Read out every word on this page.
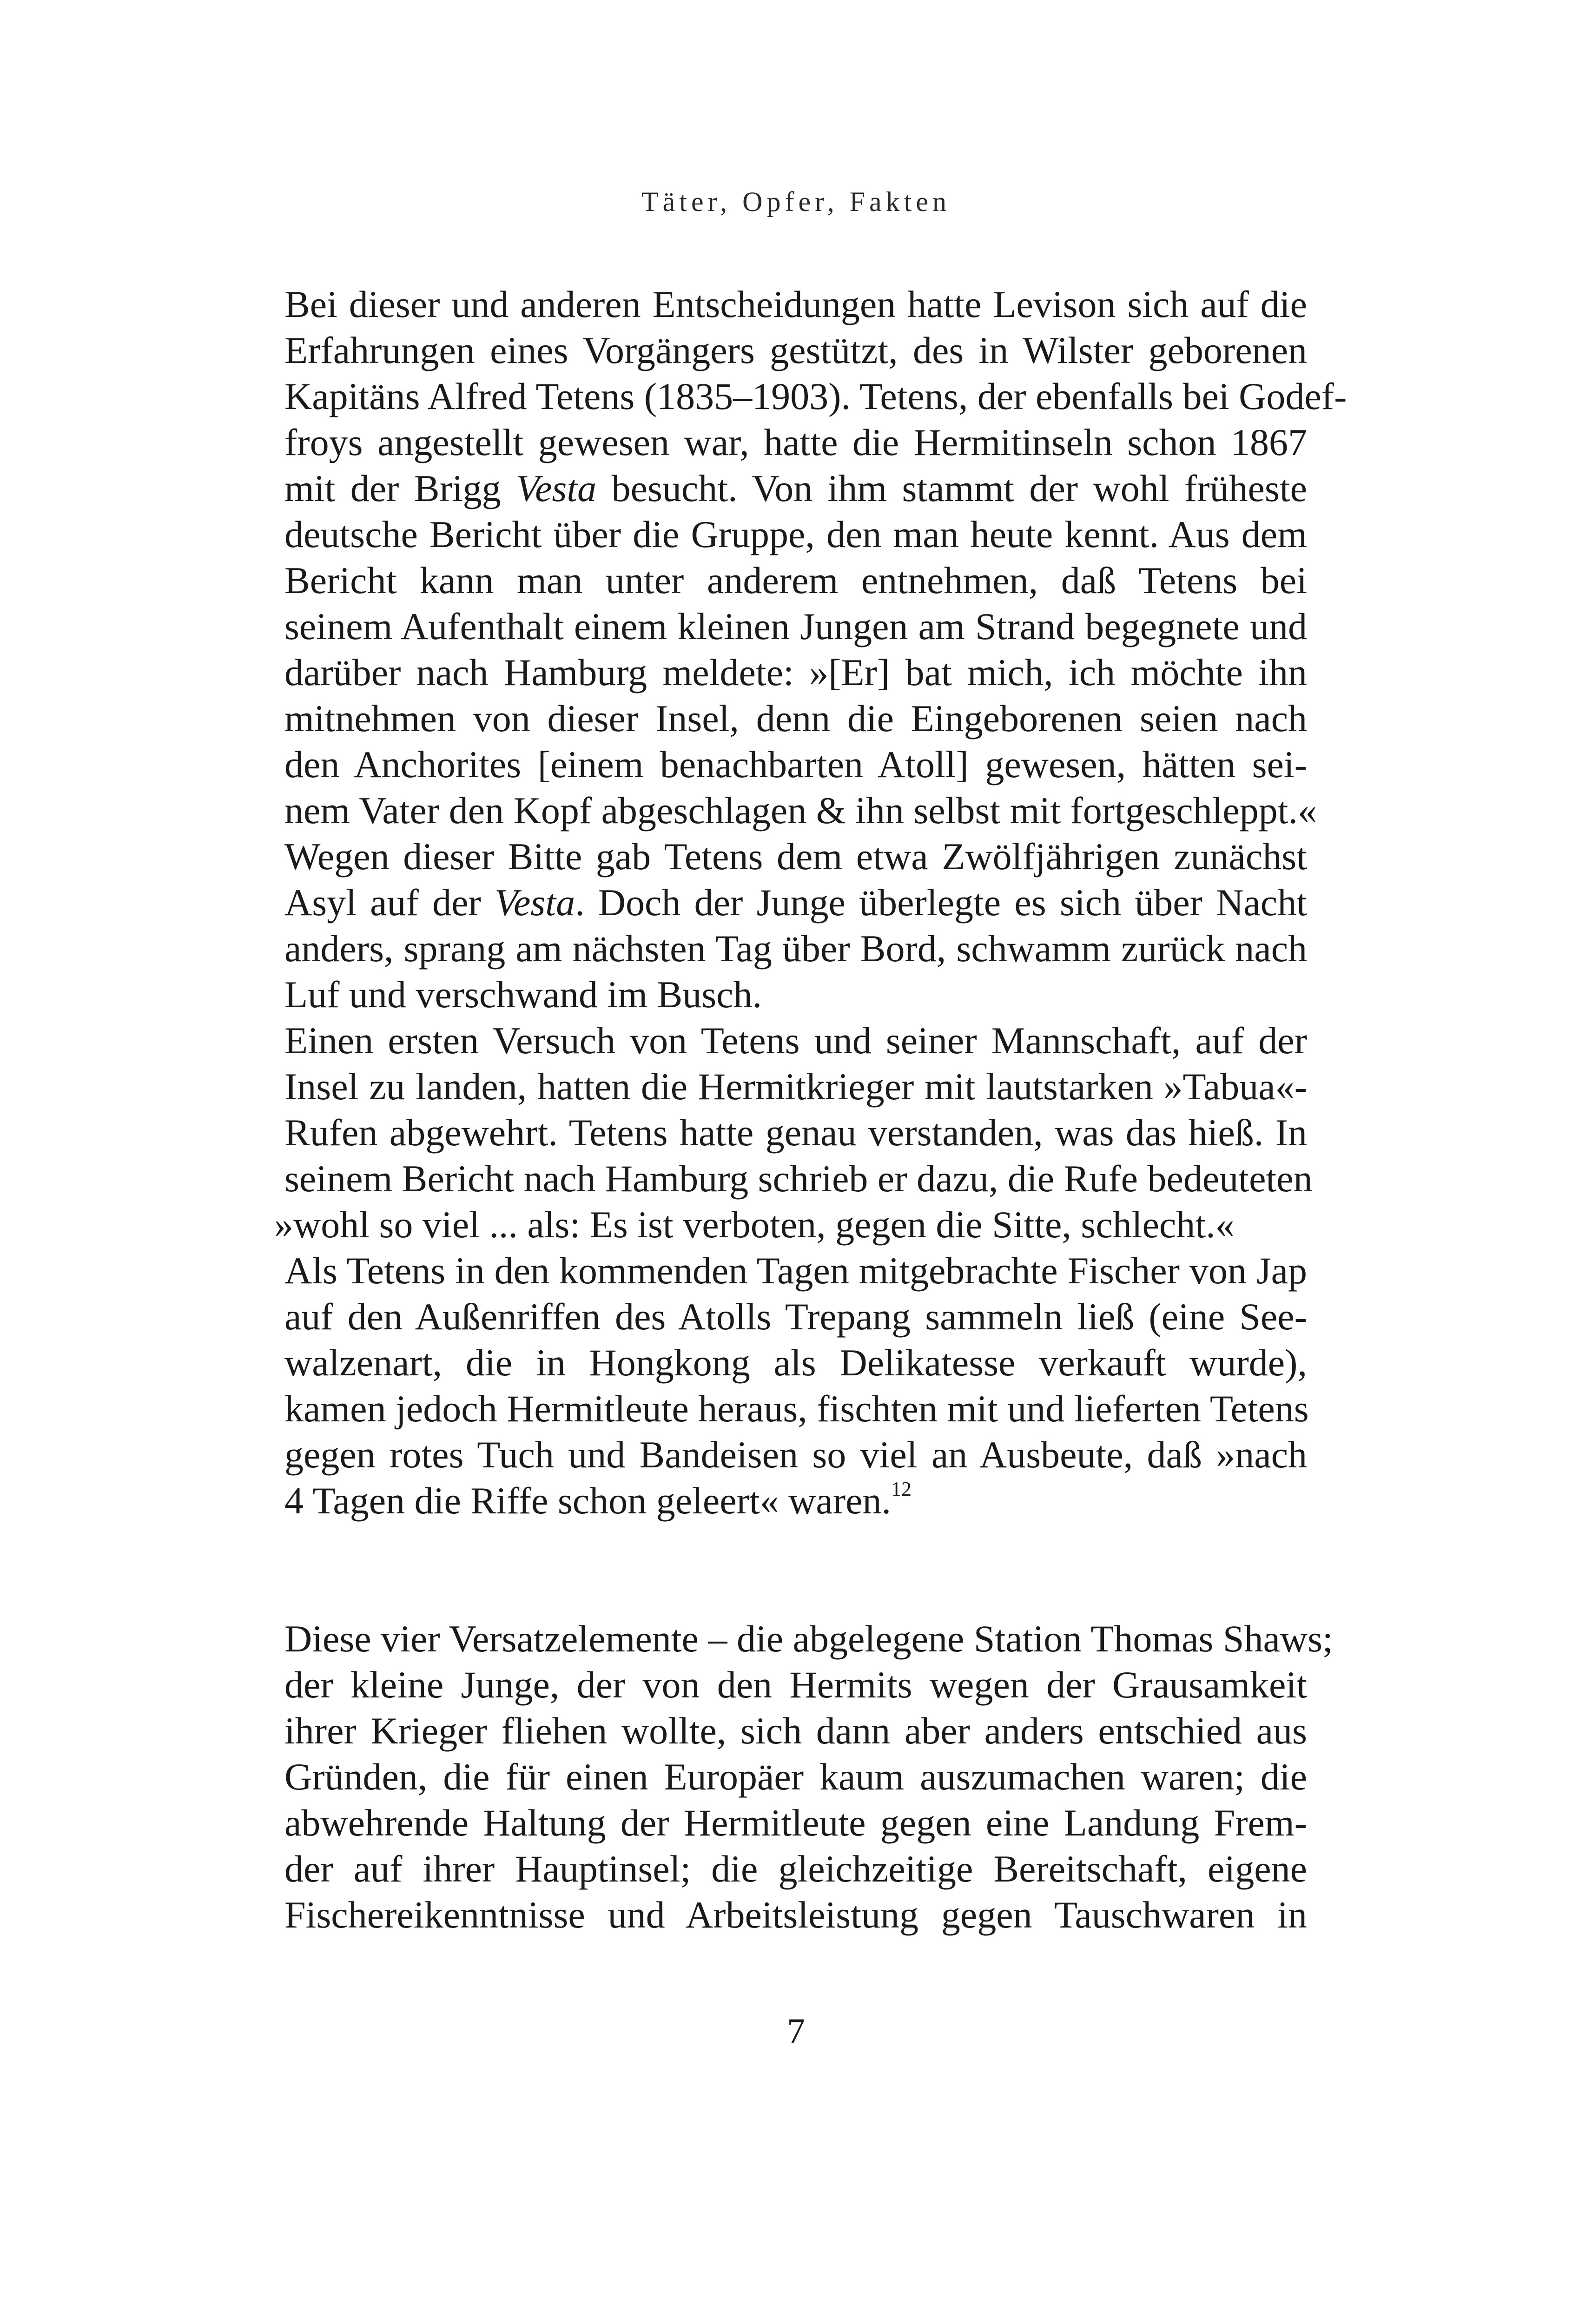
Täter, Opfer, Fakten
Bei dieser und anderen Entscheidungen hatte Levison sich auf die
Erfahrungen eines Vorgängers gestützt, des in Wilster geborenen
Kapitäns Alfred Tetens (1835–1903). Tetens, der ebenfalls bei Godef-
froys angestellt gewesen war, hatte die Hermitinseln schon 1867
mit der Brigg Vesta besucht. Von ihm stammt der wohl früheste
deutsche Bericht über die Gruppe, den man heute kennt. Aus dem
Bericht kann man unter anderem entnehmen, daß Tetens bei
seinem Aufenthalt einem kleinen Jungen am Strand begegnete und
darüber nach Hamburg meldete: »[Er] bat mich, ich möchte ihn
mitnehmen von dieser Insel, denn die Eingeborenen seien nach
den Anchorites [einem benachbarten Atoll] gewesen, hätten sei-
nem Vater den Kopf abgeschlagen & ihn selbst mit fortgeschleppt.«
Wegen dieser Bitte gab Tetens dem etwa Zwölfjährigen zunächst
Asyl auf der Vesta. Doch der Junge überlegte es sich über Nacht
anders, sprang am nächsten Tag über Bord, schwamm zurück nach
Luf und verschwand im Busch.
Einen ersten Versuch von Tetens und seiner Mannschaft, auf der
Insel zu landen, hatten die Hermitkrieger mit lautstarken »Tabua«-
Rufen abgewehrt. Tetens hatte genau verstanden, was das hieß. In
seinem Bericht nach Hamburg schrieb er dazu, die Rufe bedeuteten
»wohl so viel ... als: Es ist verboten, gegen die Sitte, schlecht.«
Als Tetens in den kommenden Tagen mitgebrachte Fischer von Jap
auf den Außenriffen des Atolls Trepang sammeln ließ (eine See-
walzenart, die in Hongkong als Delikatesse verkauft wurde),
kamen jedoch Hermitleute heraus, fischten mit und lieferten Tetens
gegen rotes Tuch und Bandeisen so viel an Ausbeute, daß »nach
4 Tagen die Riffe schon geleert« waren.$^{12}$
Diese vier Versatzelemente – die abgelegene Station Thomas Shaws;
der kleine Junge, der von den Hermits wegen der Grausamkeit
ihrer Krieger fliehen wollte, sich dann aber anders entschied aus
Gründen, die für einen Europäer kaum auszumachen waren; die
abwehrende Haltung der Hermitleute gegen eine Landung Frem-
der auf ihrer Hauptinsel; die gleichzeitige Bereitschaft, eigene
Fischereikenntnisse und Arbeitsleistung gegen Tauschwaren in
7
